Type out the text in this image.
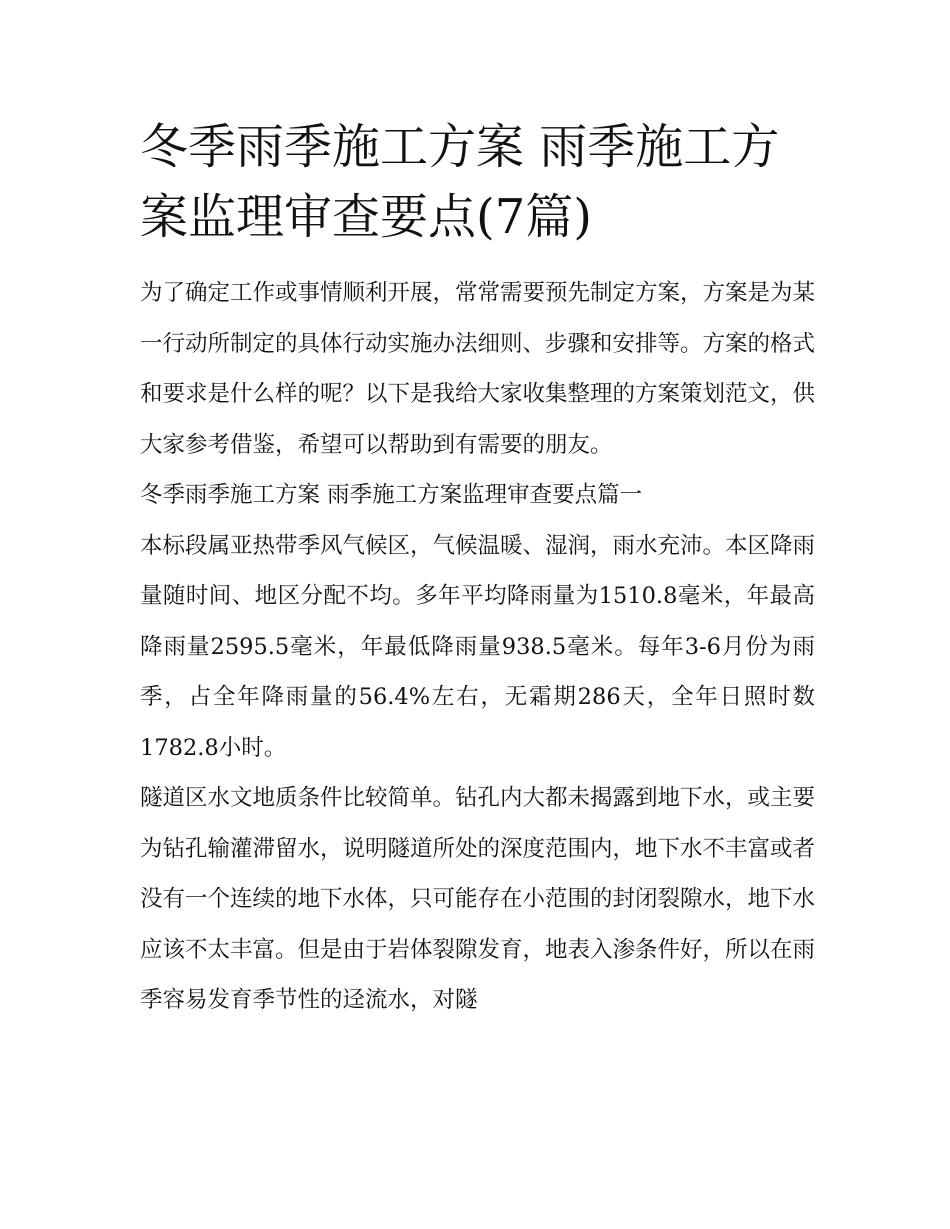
冬季雨季施工方案 雨季施工方案监理审查要点(7篇)

为了确定工作或事情顺利开展，常常需要预先制定方案，方案是为某一行动所制定的具体行动实施办法细则、步骤和安排等。方案的格式和要求是什么样的呢？以下是我给大家收集整理的方案策划范文，供大家参考借鉴，希望可以帮助到有需要的朋友。

冬季雨季施工方案 雨季施工方案监理审查要点篇一

本标段属亚热带季风气候区，气候温暖、湿润，雨水充沛。本区降雨量随时间、地区分配不均。多年平均降雨量为1510.8毫米，年最高降雨量2595.5毫米，年最低降雨量938.5毫米。每年3-6月份为雨季，占全年降雨量的56.4%左右，无霜期286天，全年日照时数1782.8小时。

隧道区水文地质条件比较简单。钻孔内大都未揭露到地下水，或主要为钻孔输灌滞留水，说明隧道所处的深度范围内，地下水不丰富或者没有一个连续的地下水体，只可能存在小范围的封闭裂隙水，地下水应该不太丰富。但是由于岩体裂隙发育，地表入渗条件好，所以在雨季容易发育季节性的迳流水，对隧
